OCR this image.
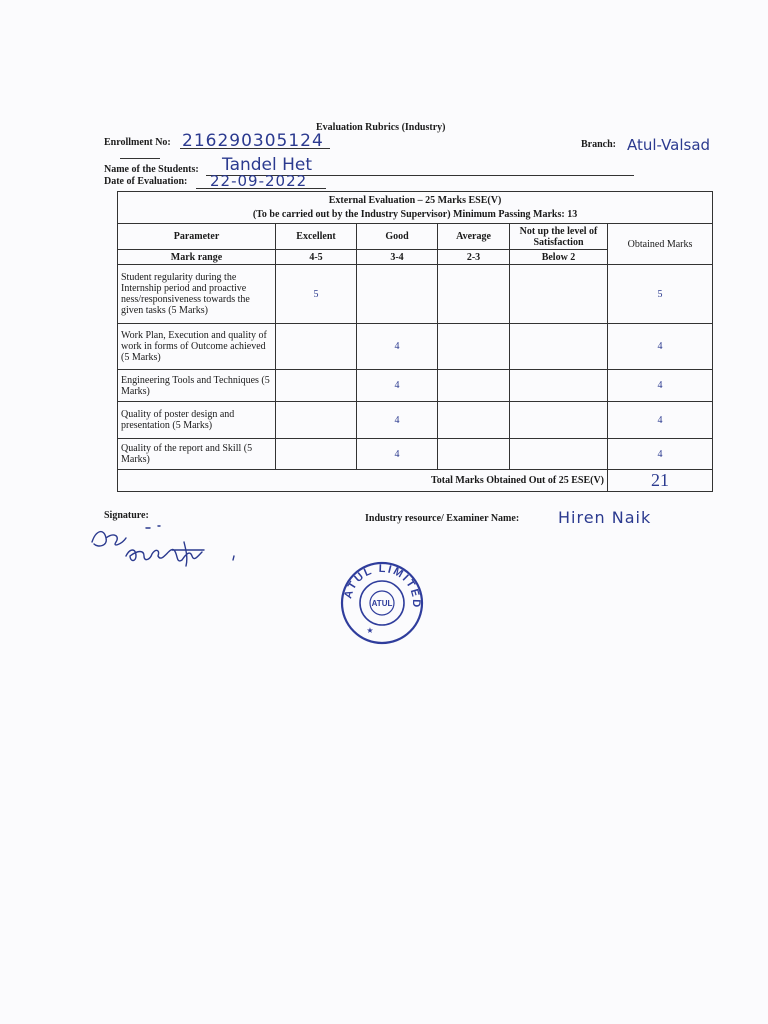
Evaluation Rubrics (Industry)
Enrollment No: 216290305124	Branch: Atul-Valsad
Name of the Students: Tandel Het
Date of Evaluation: 22-09-2022
External Evaluation – 25 Marks ESE(V)
(To be carried out by the Industry Supervisor) Minimum Passing Marks: 13					

Parameter	Excellent	Good	Average	Not up the level of Satisfaction	Obtained Marks
Mark range	4-5	3-4	2-3	Below 2	
Student regularity during the Internship period and proactive ness/responsiveness towards the given tasks (5 Marks)	5				5
Work Plan, Execution and quality of work in forms of Outcome achieved (5 Marks)		4			4
Engineering Tools and Techniques (5 Marks)		4			4
Quality of poster design and presentation (5 Marks)		4			4
Quality of the report and Skill (5 Marks)		4			4
Total Marks Obtained Out of 25 ESE(V)					21
Signature:	Industry resource/ Examiner Name: Hiren Naik
ATUL LIMITED
ATUL
★
